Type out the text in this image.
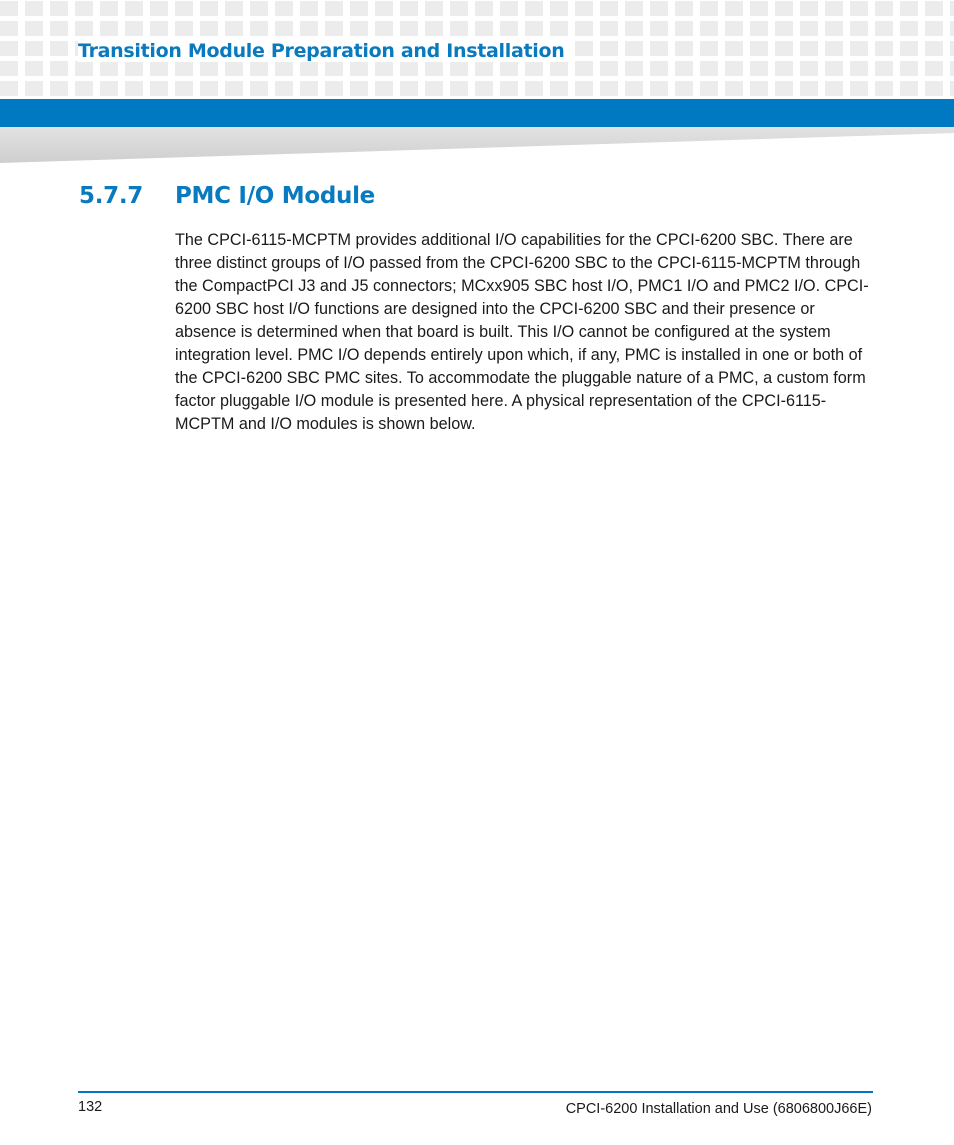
Transition Module Preparation and Installation
5.7.7 PMC I/O Module

The CPCI-6115-MCPTM provides additional I/O capabilities for the CPCI-6200 SBC. There are three distinct groups of I/O passed from the CPCI-6200 SBC to the CPCI-6115-MCPTM through the CompactPCI J3 and J5 connectors; MCxx905 SBC host I/O, PMC1 I/O and PMC2 I/O. CPCI-6200 SBC host I/O functions are designed into the CPCI-6200 SBC and their presence or absence is determined when that board is built. This I/O cannot be configured at the system integration level. PMC I/O depends entirely upon which, if any, PMC is installed in one or both of the CPCI-6200 SBC PMC sites. To accommodate the pluggable nature of a PMC, a custom form factor pluggable I/O module is presented here. A physical representation of the CPCI-6115-MCPTM and I/O modules is shown below.

132	CPCI-6200 Installation and Use (6806800J66E)
